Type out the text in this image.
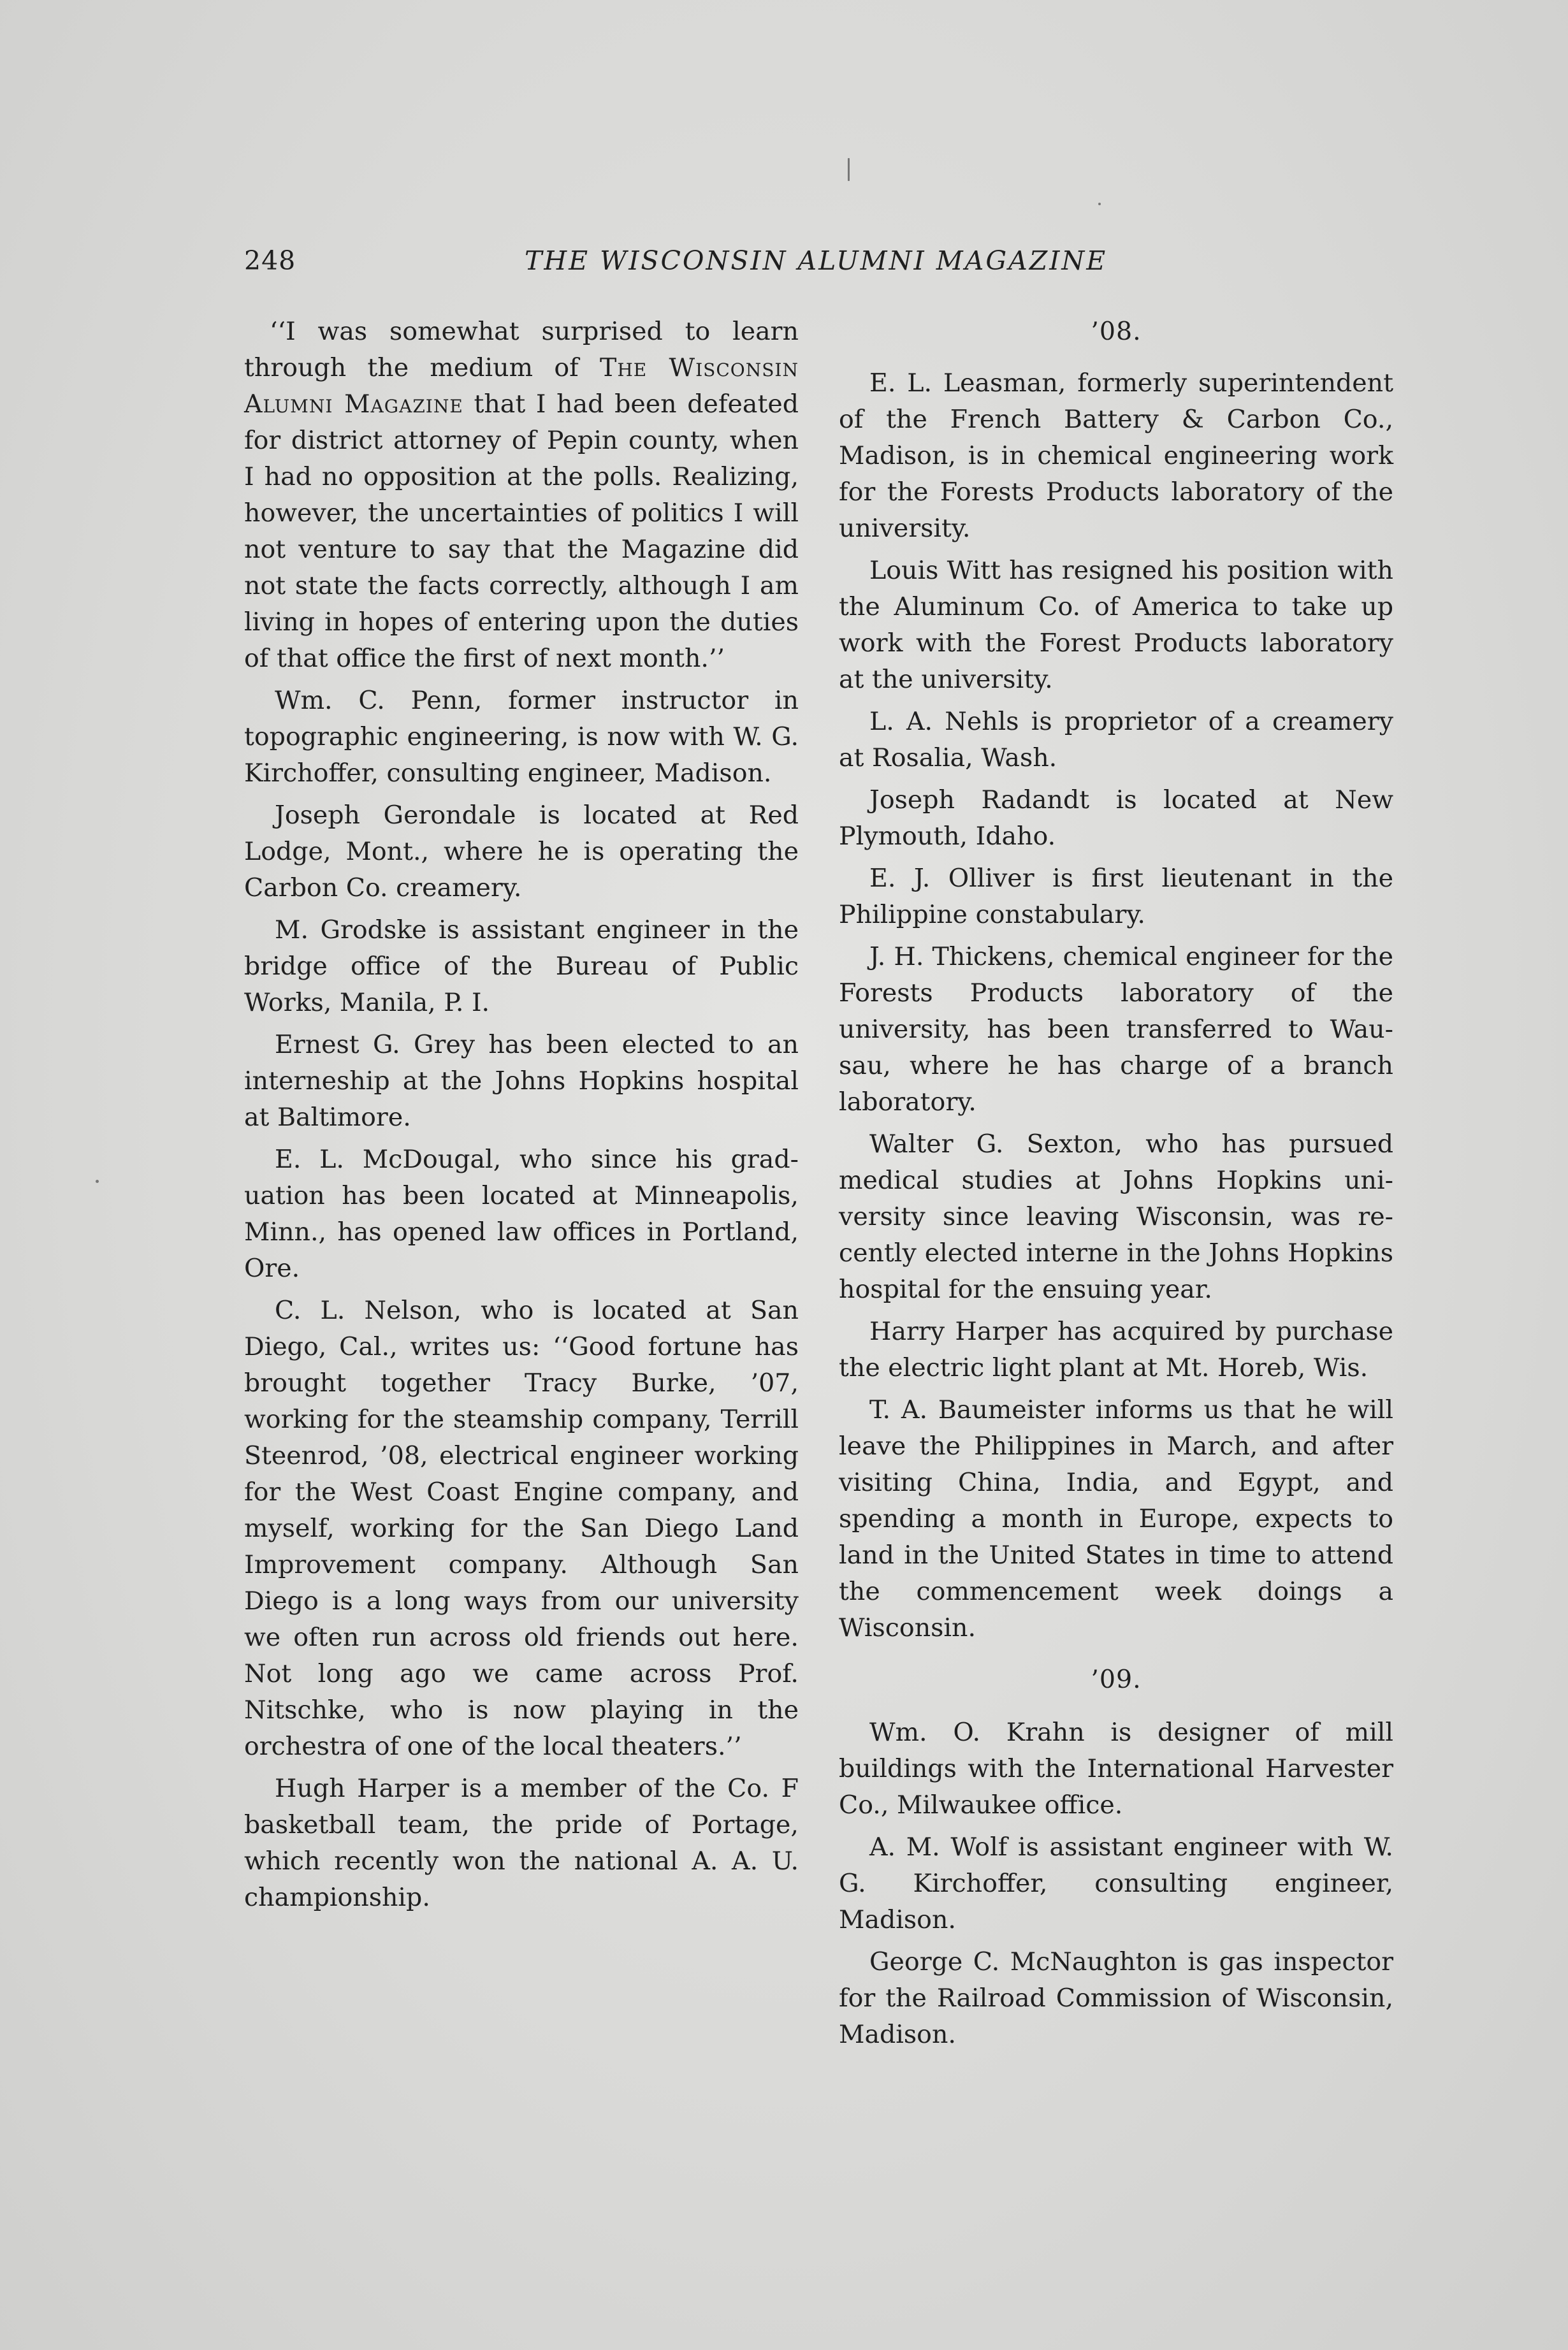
248	THE WISCONSIN ALUMNI MAGAZINE

‘‘I was somewhat surprised to learn through the medium of The Wisconsin Alumni Magazine that I had been defeated for district attorney of Pepin county, when I had no opposition at the polls. Realizing, however, the uncertainties of politics I will not venture to say that the Magazine did not state the facts correctly, although I am living in hopes of entering upon the duties of that office the first of next month.’’

Wm. C. Penn, former instructor in topographic engineering, is now with W. G. Kirchoffer, consulting engineer, Madison.

Joseph Gerondale is located at Red Lodge, Mont., where he is operating the Carbon Co. creamery.

M. Grodske is assistant engineer in the bridge office of the Bureau of Public Works, Manila, P. I.

Ernest G. Grey has been elected to an interneship at the Johns Hopkins hospital at Baltimore.

E. L. McDougal, who since his graduation has been located at Minneapolis, Minn., has opened law offices in Portland, Ore.

C. L. Nelson, who is located at San Diego, Cal., writes us: ‘‘Good fortune has brought together Tracy Burke, ’07, working for the steamship company, Terrill Steenrod, ’08, electrical engineer working for the West Coast Engine company, and myself, working for the San Diego Land Improvement company. Although San Diego is a long ways from our university we often run across old friends out here. Not long ago we came across Prof. Nitschke, who is now playing in the orchestra of one of the local theaters.’’

Hugh Harper is a member of the Co. F basketball team, the pride of Portage, which recently won the national A. A. U. championship.

’08.

E. L. Leasman, formerly superintendent of the French Battery & Carbon Co., Madison, is in chemical engineering work for the Forests Products laboratory of the university.

Louis Witt has resigned his position with the Aluminum Co. of America to take up work with the Forest Products laboratory at the university.

L. A. Nehls is proprietor of a creamery at Rosalia, Wash.

Joseph Radandt is located at New Plymouth, Idaho.

E. J. Olliver is first lieutenant in the Philippine constabulary.

J. H. Thickens, chemical engineer for the Forests Products laboratory of the university, has been transferred to Wausau, where he has charge of a branch laboratory.

Walter G. Sexton, who has pursued medical studies at Johns Hopkins university since leaving Wisconsin, was recently elected interne in the Johns Hopkins hospital for the ensuing year.

Harry Harper has acquired by purchase the electric light plant at Mt. Horeb, Wis.

T. A. Baumeister informs us that he will leave the Philippines in March, and after visiting China, India, and Egypt, and spending a month in Europe, expects to land in the United States in time to attend the commencement week doings a Wisconsin.

’09.

Wm. O. Krahn is designer of mill buildings with the International Harvester Co., Milwaukee office.

A. M. Wolf is assistant engineer with W. G. Kirchoffer, consulting engineer, Madison.

George C. McNaughton is gas inspector for the Railroad Commission of Wisconsin, Madison.
